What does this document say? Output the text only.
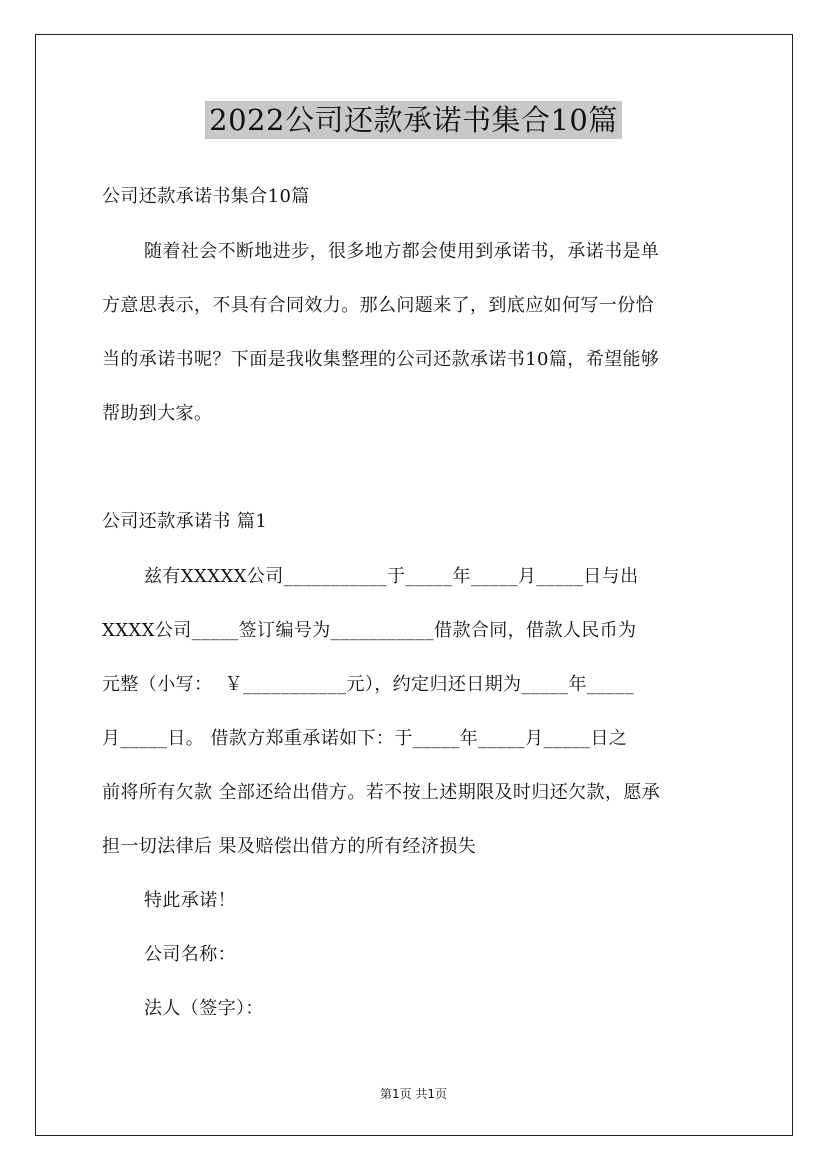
2022公司还款承诺书集合10篇
公司还款承诺书集合10篇
随着社会不断地进步，很多地方都会使用到承诺书，承诺书是单
方意思表示，不具有合同效力。那么问题来了，到底应如何写一份恰
当的承诺书呢？下面是我收集整理的公司还款承诺书10篇，希望能够
帮助到大家。
公司还款承诺书 篇1
兹有XXXXX公司___________于_____年_____月_____日与出
XXXX公司_____签订编号为___________借款合同，借款人民币为
元整（小写：  ￥___________元），约定归还日期为_____年_____
月_____日。 借款方郑重承诺如下：于_____年_____月_____日之
前将所有欠款 全部还给出借方。若不按上述期限及时归还欠款，愿承
担一切法律后 果及赔偿出借方的所有经济损失
特此承诺！
公司名称：
法人（签字）：
第1页 共1页
